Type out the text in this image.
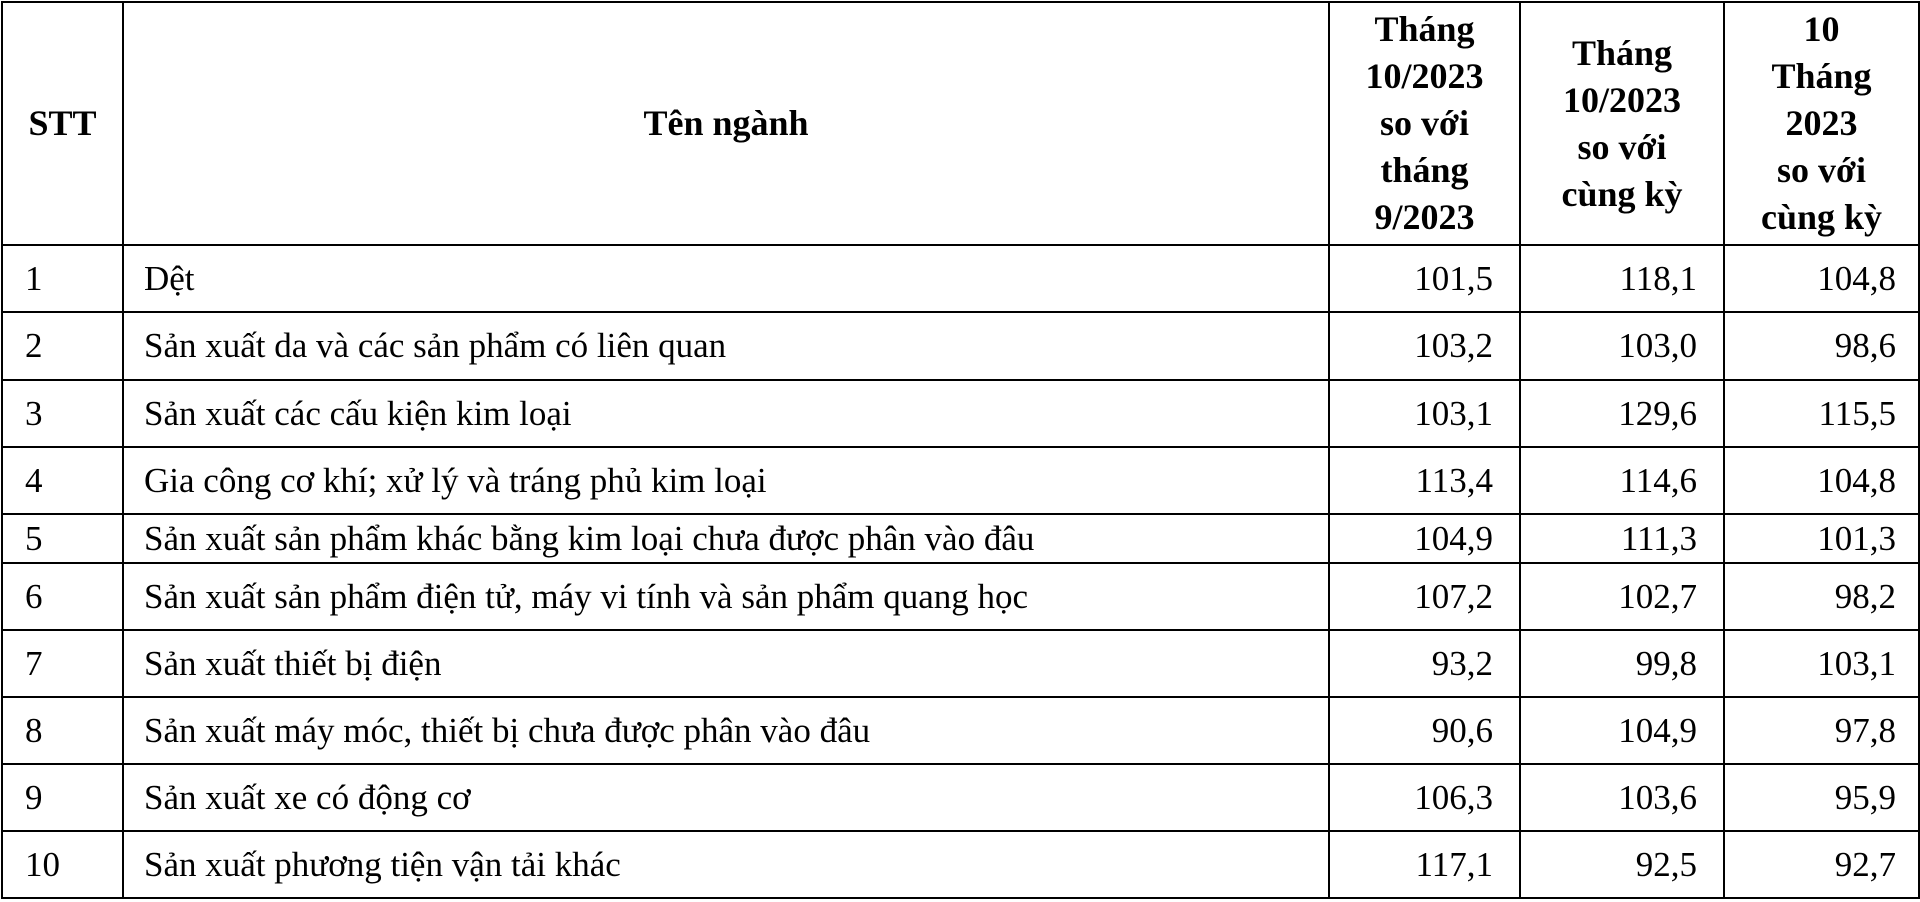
STT	Tên ngành	Tháng
10/2023
so với
tháng
9/2023	Tháng
10/2023
so với
cùng kỳ	10
Tháng
2023
so với
cùng kỳ

1	Dệt	101,5	118,1	104,8
2	Sản xuất da và các sản phẩm có liên quan	103,2	103,0	98,6
3	Sản xuất các cấu kiện kim loại	103,1	129,6	115,5
4	Gia công cơ khí; xử lý và tráng phủ kim loại	113,4	114,6	104,8
5	Sản xuất sản phẩm khác bằng kim loại chưa được phân vào đâu	104,9	111,3	101,3
6	Sản xuất sản phẩm điện tử, máy vi tính và sản phẩm quang học	107,2	102,7	98,2
7	Sản xuất thiết bị điện	93,2	99,8	103,1
8	Sản xuất máy móc, thiết bị chưa được phân vào đâu	90,6	104,9	97,8
9	Sản xuất xe có động cơ	106,3	103,6	95,9
10	Sản xuất phương tiện vận tải khác	117,1	92,5	92,7
